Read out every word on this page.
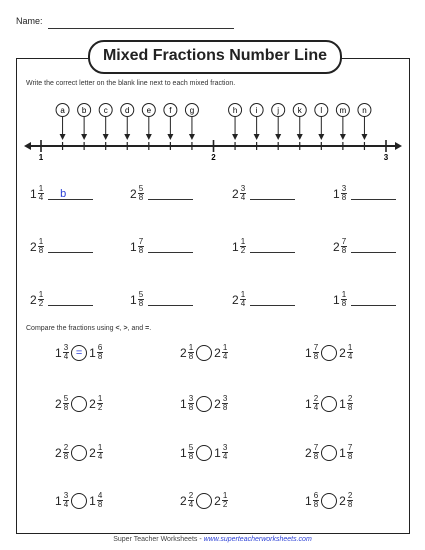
Name:
Mixed Fractions Number Line
Write the correct letter on the blank line next to each mixed fraction.
1	2	3
a b c d e f g	h i j k l m n
$1 \frac{1}{4}$ b	$2 \frac{5}{8}$	$2 \frac{3}{4}$	$1 \frac{3}{8}$
$2 \frac{1}{8}$	$1 \frac{7}{8}$	$1 \frac{1}{2}$	$2 \frac{7}{8}$
$2 \frac{1}{2}$	$1 \frac{5}{8}$	$2 \frac{1}{4}$	$1 \frac{1}{8}$
Compare the fractions using <, >, and =.
$1 \frac{3}{4} = 1 \frac{6}{8}$	$2 \frac{1}{8} 2 \frac{1}{4}$	$1 \frac{7}{8} 2 \frac{1}{4}$
$2 \frac{5}{8} 2 \frac{1}{2}$	$1 \frac{3}{8} 2 \frac{3}{8}$	$1 \frac{2}{4} 1 \frac{2}{8}$
$2 \frac{2}{8} 2 \frac{1}{4}$	$1 \frac{5}{8} 1 \frac{3}{4}$	$2 \frac{7}{8} 1 \frac{7}{8}$
$1 \frac{3}{4} 1 \frac{4}{8}$	$2 \frac{2}{4} 2 \frac{1}{2}$	$1 \frac{6}{8} 2 \frac{2}{8}$
Super Teacher Worksheets - www.superteacherworksheets.com
